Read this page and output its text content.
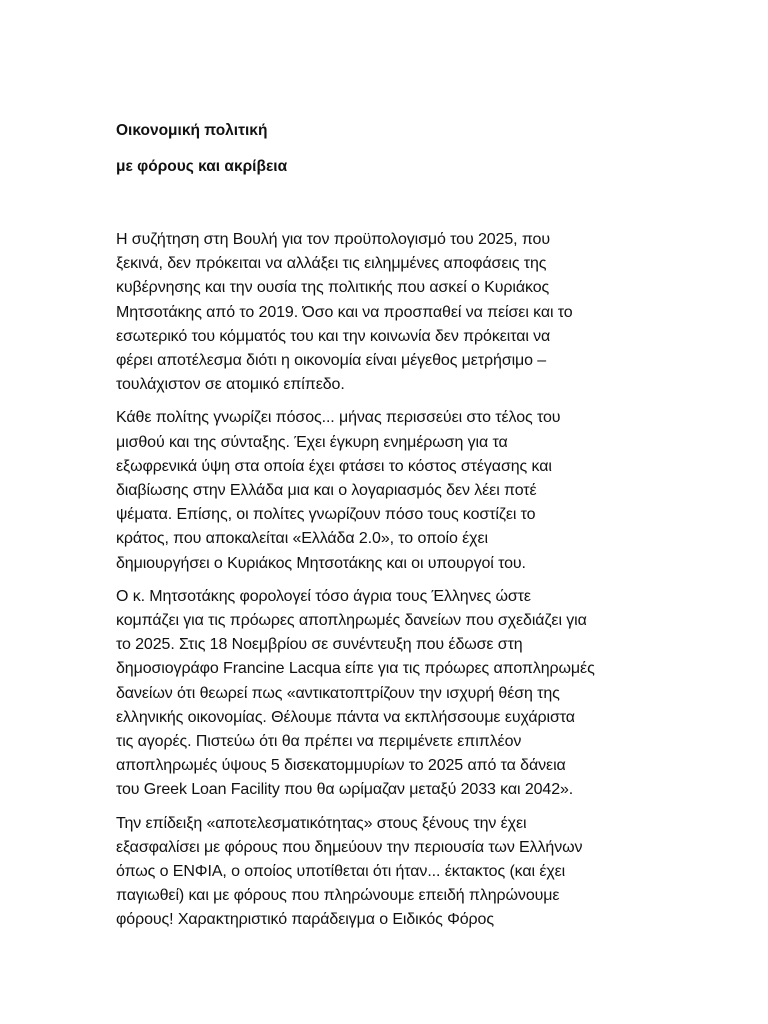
Οικονομική πολιτική

με φόρους και ακρίβεια

Η συζήτηση στη Βουλή για τον προϋπολογισμό του 2025, που
ξεκινά, δεν πρόκειται να αλλάξει τις ειλημμένες αποφάσεις της
κυβέρνησης και την ουσία της πολιτικής που ασκεί ο Κυριάκος
Μητσοτάκης από το 2019. Όσο και να προσπαθεί να πείσει και το
εσωτερικό του κόμματός του και την κοινωνία δεν πρόκειται να
φέρει αποτέλεσμα διότι η οικονομία είναι μέγεθος μετρήσιμο –
τουλάχιστον σε ατομικό επίπεδο.

Κάθε πολίτης γνωρίζει πόσος... μήνας περισσεύει στο τέλος του
μισθού και της σύνταξης. Έχει έγκυρη ενημέρωση για τα
εξωφρενικά ύψη στα οποία έχει φτάσει το κόστος στέγασης και
διαβίωσης στην Ελλάδα μια και ο λογαριασμός δεν λέει ποτέ
ψέματα. Επίσης, οι πολίτες γνωρίζουν πόσο τους κοστίζει το
κράτος, που αποκαλείται «Ελλάδα 2.0», το οποίο έχει
δημιουργήσει ο Κυριάκος Μητσοτάκης και οι υπουργοί του.

Ο κ. Μητσοτάκης φορολογεί τόσο άγρια τους Έλληνες ώστε
κομπάζει για τις πρόωρες αποπληρωμές δανείων που σχεδιάζει για
το 2025. Στις 18 Νοεμβρίου σε συνέντευξη που έδωσε στη
δημοσιογράφο Francine Lacqua είπε για τις πρόωρες αποπληρωμές
δανείων ότι θεωρεί πως «αντικατοπτρίζουν την ισχυρή θέση της
ελληνικής οικονομίας. Θέλουμε πάντα να εκπλήσσουμε ευχάριστα
τις αγορές. Πιστεύω ότι θα πρέπει να περιμένετε επιπλέον
αποπληρωμές ύψους 5 δισεκατομμυρίων το 2025 από τα δάνεια
του Greek Loan Facility που θα ωρίμαζαν μεταξύ 2033 και 2042».

Την επίδειξη «αποτελεσματικότητας» στους ξένους την έχει
εξασφαλίσει με φόρους που δημεύουν την περιουσία των Ελλήνων
όπως ο ΕΝΦΙΑ, ο οποίος υποτίθεται ότι ήταν... έκτακτος (και έχει
παγιωθεί) και με φόρους που πληρώνουμε επειδή πληρώνουμε
φόρους! Χαρακτηριστικό παράδειγμα ο Ειδικός Φόρος
